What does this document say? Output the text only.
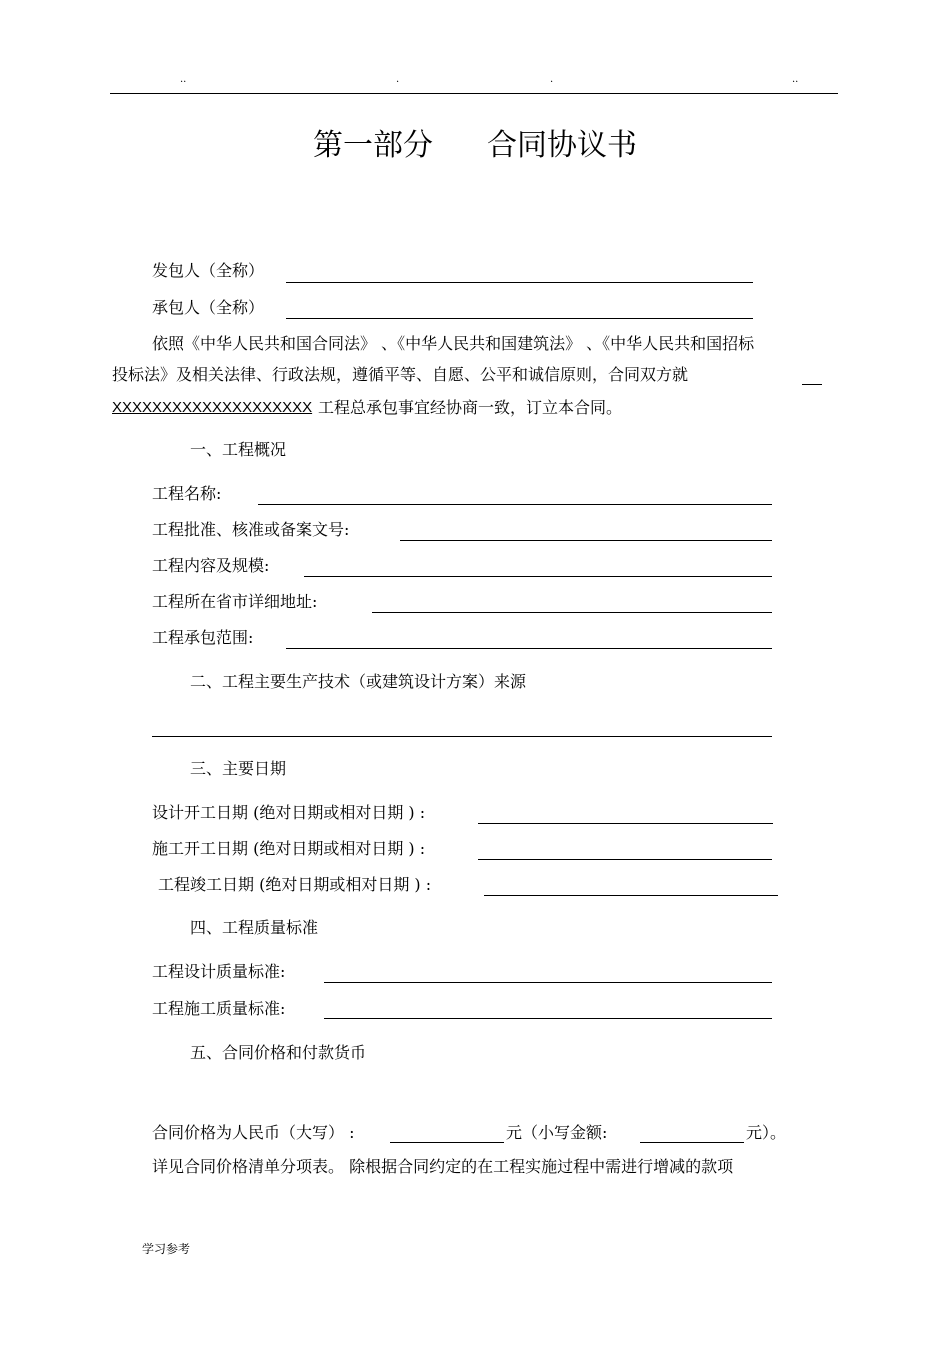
..	.	.	..
第一部分 合同协议书
发包人（全称）
承包人（全称）
依照《中华人民共和国合同法》 、《中华人民共和国建筑法》 、《中华人民共和国招标
投标法》及相关法律、行政法规，遵循平等、自愿、公平和诚信原则，合同双方就
XXXXXXXXXXXXXXXXXXXX 工程总承包事宜经协商一致，订立本合同。
一、工程概况
工程名称:
工程批准、核准或备案文号:
工程内容及规模:
工程所在省市详细地址:
工程承包范围:
二、工程主要生产技术（或建筑设计方案）来源
三、主要日期
设计开工日期 (绝对日期或相对日期 ) :
施工开工日期 (绝对日期或相对日期 ) :
工程竣工日期 (绝对日期或相对日期 ) :
四、工程质量标准
工程设计质量标准:
工程施工质量标准:
五、合同价格和付款货币
合同价格为人民币（大写） :	元（小写金额:	元）。
详见合同价格清单分项表。 除根据合同约定的在工程实施过程中需进行增减的款项
学习参考
